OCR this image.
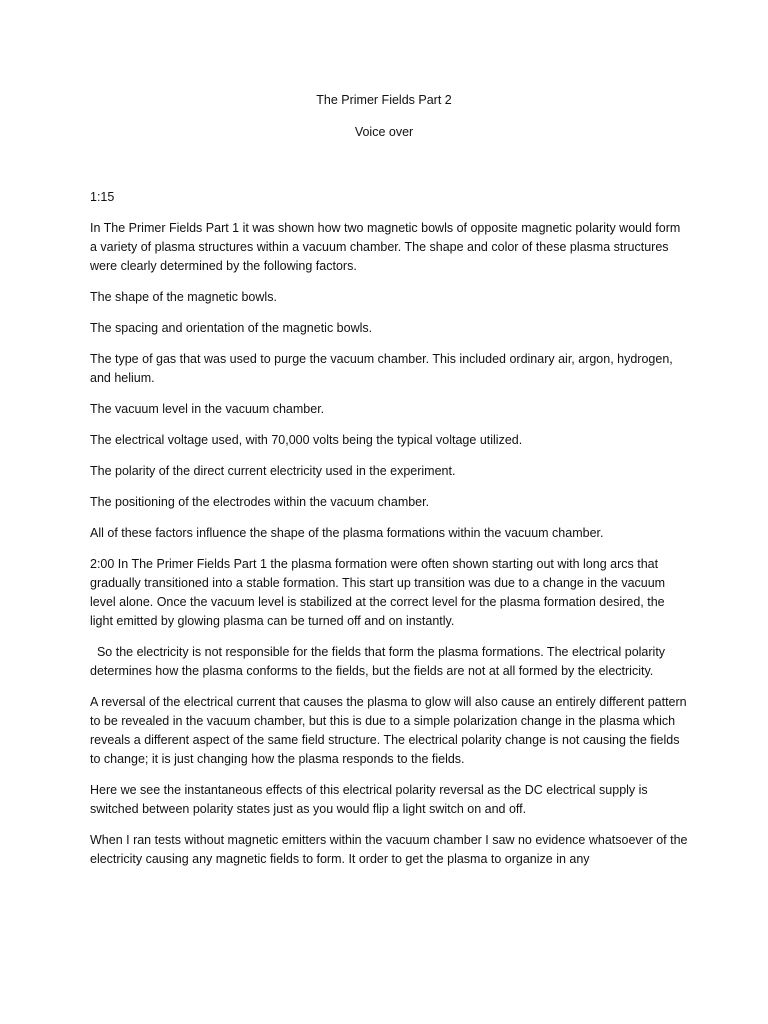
The Primer Fields Part 2

Voice over

1:15

In The Primer Fields Part 1 it was shown how two magnetic bowls of opposite magnetic polarity would form a variety of plasma structures within a vacuum chamber. The shape and color of these plasma structures were clearly determined by the following factors.

The shape of the magnetic bowls.

The spacing and orientation of the magnetic bowls.

The type of gas that was used to purge the vacuum chamber. This included ordinary air, argon, hydrogen, and helium.

The vacuum level in the vacuum chamber.

The electrical voltage used, with 70,000 volts being the typical voltage utilized.

The polarity of the direct current electricity used in the experiment.

The positioning of the electrodes within the vacuum chamber.

All of these factors influence the shape of the plasma formations within the vacuum chamber.

2:00 In The Primer Fields Part 1 the plasma formation were often shown starting out with long arcs that gradually transitioned into a stable formation. This start up transition was due to a change in the vacuum level alone. Once the vacuum level is stabilized at the correct level for the plasma formation desired, the light emitted by glowing plasma can be turned off and on instantly.

So the electricity is not responsible for the fields that form the plasma formations. The electrical polarity determines how the plasma conforms to the fields, but the fields are not at all formed by the electricity.

A reversal of the electrical current that causes the plasma to glow will also cause an entirely different pattern to be revealed in the vacuum chamber, but this is due to a simple polarization change in the plasma which reveals a different aspect of the same field structure. The electrical polarity change is not causing the fields to change; it is just changing how the plasma responds to the fields.

Here we see the instantaneous effects of this electrical polarity reversal as the DC electrical supply is switched between polarity states just as you would flip a light switch on and off.

When I ran tests without magnetic emitters within the vacuum chamber I saw no evidence whatsoever of the electricity causing any magnetic fields to form. It order to get the plasma to organize in any
